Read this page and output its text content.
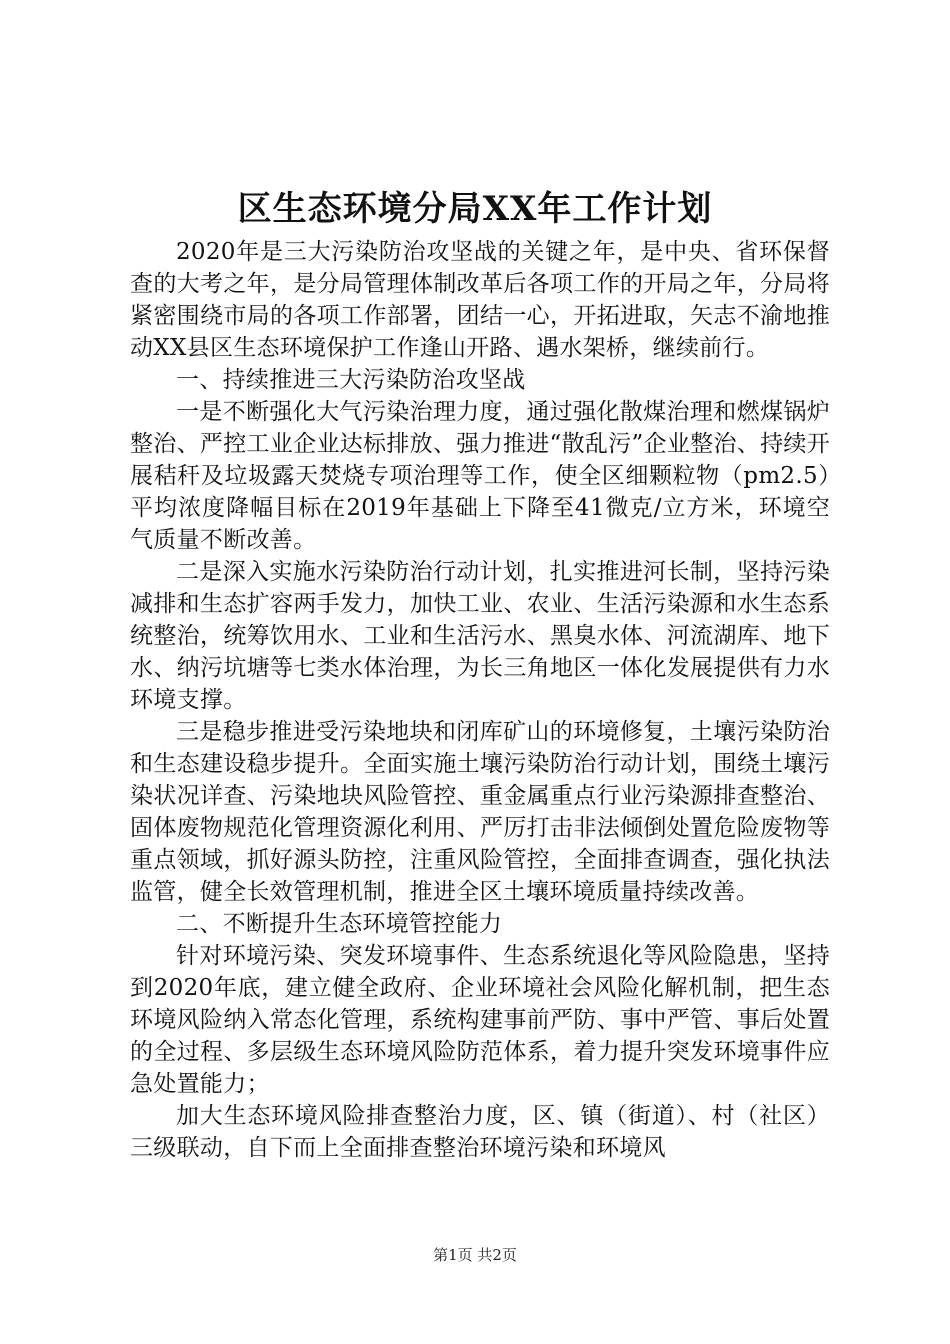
区生态环境分局XX年工作计划

2020年是三大污染防治攻坚战的关键之年，是中央、省环保督查的大考之年，是分局管理体制改革后各项工作的开局之年，分局将紧密围绕市局的各项工作部署，团结一心，开拓进取，矢志不渝地推动XX县区生态环境保护工作逢山开路、遇水架桥，继续前行。

一、持续推进三大污染防治攻坚战

一是不断强化大气污染治理力度，通过强化散煤治理和燃煤锅炉整治、严控工业企业达标排放、强力推进“散乱污”企业整治、持续开展秸秆及垃圾露天焚烧专项治理等工作，使全区细颗粒物（pm2.5）平均浓度降幅目标在2019年基础上下降至41微克/立方米，环境空气质量不断改善。

二是深入实施水污染防治行动计划，扎实推进河长制，坚持污染减排和生态扩容两手发力，加快工业、农业、生活污染源和水生态系统整治，统筹饮用水、工业和生活污水、黑臭水体、河流湖库、地下水、纳污坑塘等七类水体治理，为长三角地区一体化发展提供有力水环境支撑。

三是稳步推进受污染地块和闭库矿山的环境修复，土壤污染防治和生态建设稳步提升。全面实施土壤污染防治行动计划，围绕土壤污染状况详查、污染地块风险管控、重金属重点行业污染源排查整治、固体废物规范化管理资源化利用、严厉打击非法倾倒处置危险废物等重点领域，抓好源头防控，注重风险管控，全面排查调查，强化执法监管，健全长效管理机制，推进全区土壤环境质量持续改善。

二、不断提升生态环境管控能力

针对环境污染、突发环境事件、生态系统退化等风险隐患，坚持到2020年底，建立健全政府、企业环境社会风险化解机制，把生态环境风险纳入常态化管理，系统构建事前严防、事中严管、事后处置的全过程、多层级生态环境风险防范体系，着力提升突发环境事件应急处置能力；

加大生态环境风险排查整治力度，区、镇（街道）、村（社区）三级联动，自下而上全面排查整治环境污染和环境风

第1页 共2页
